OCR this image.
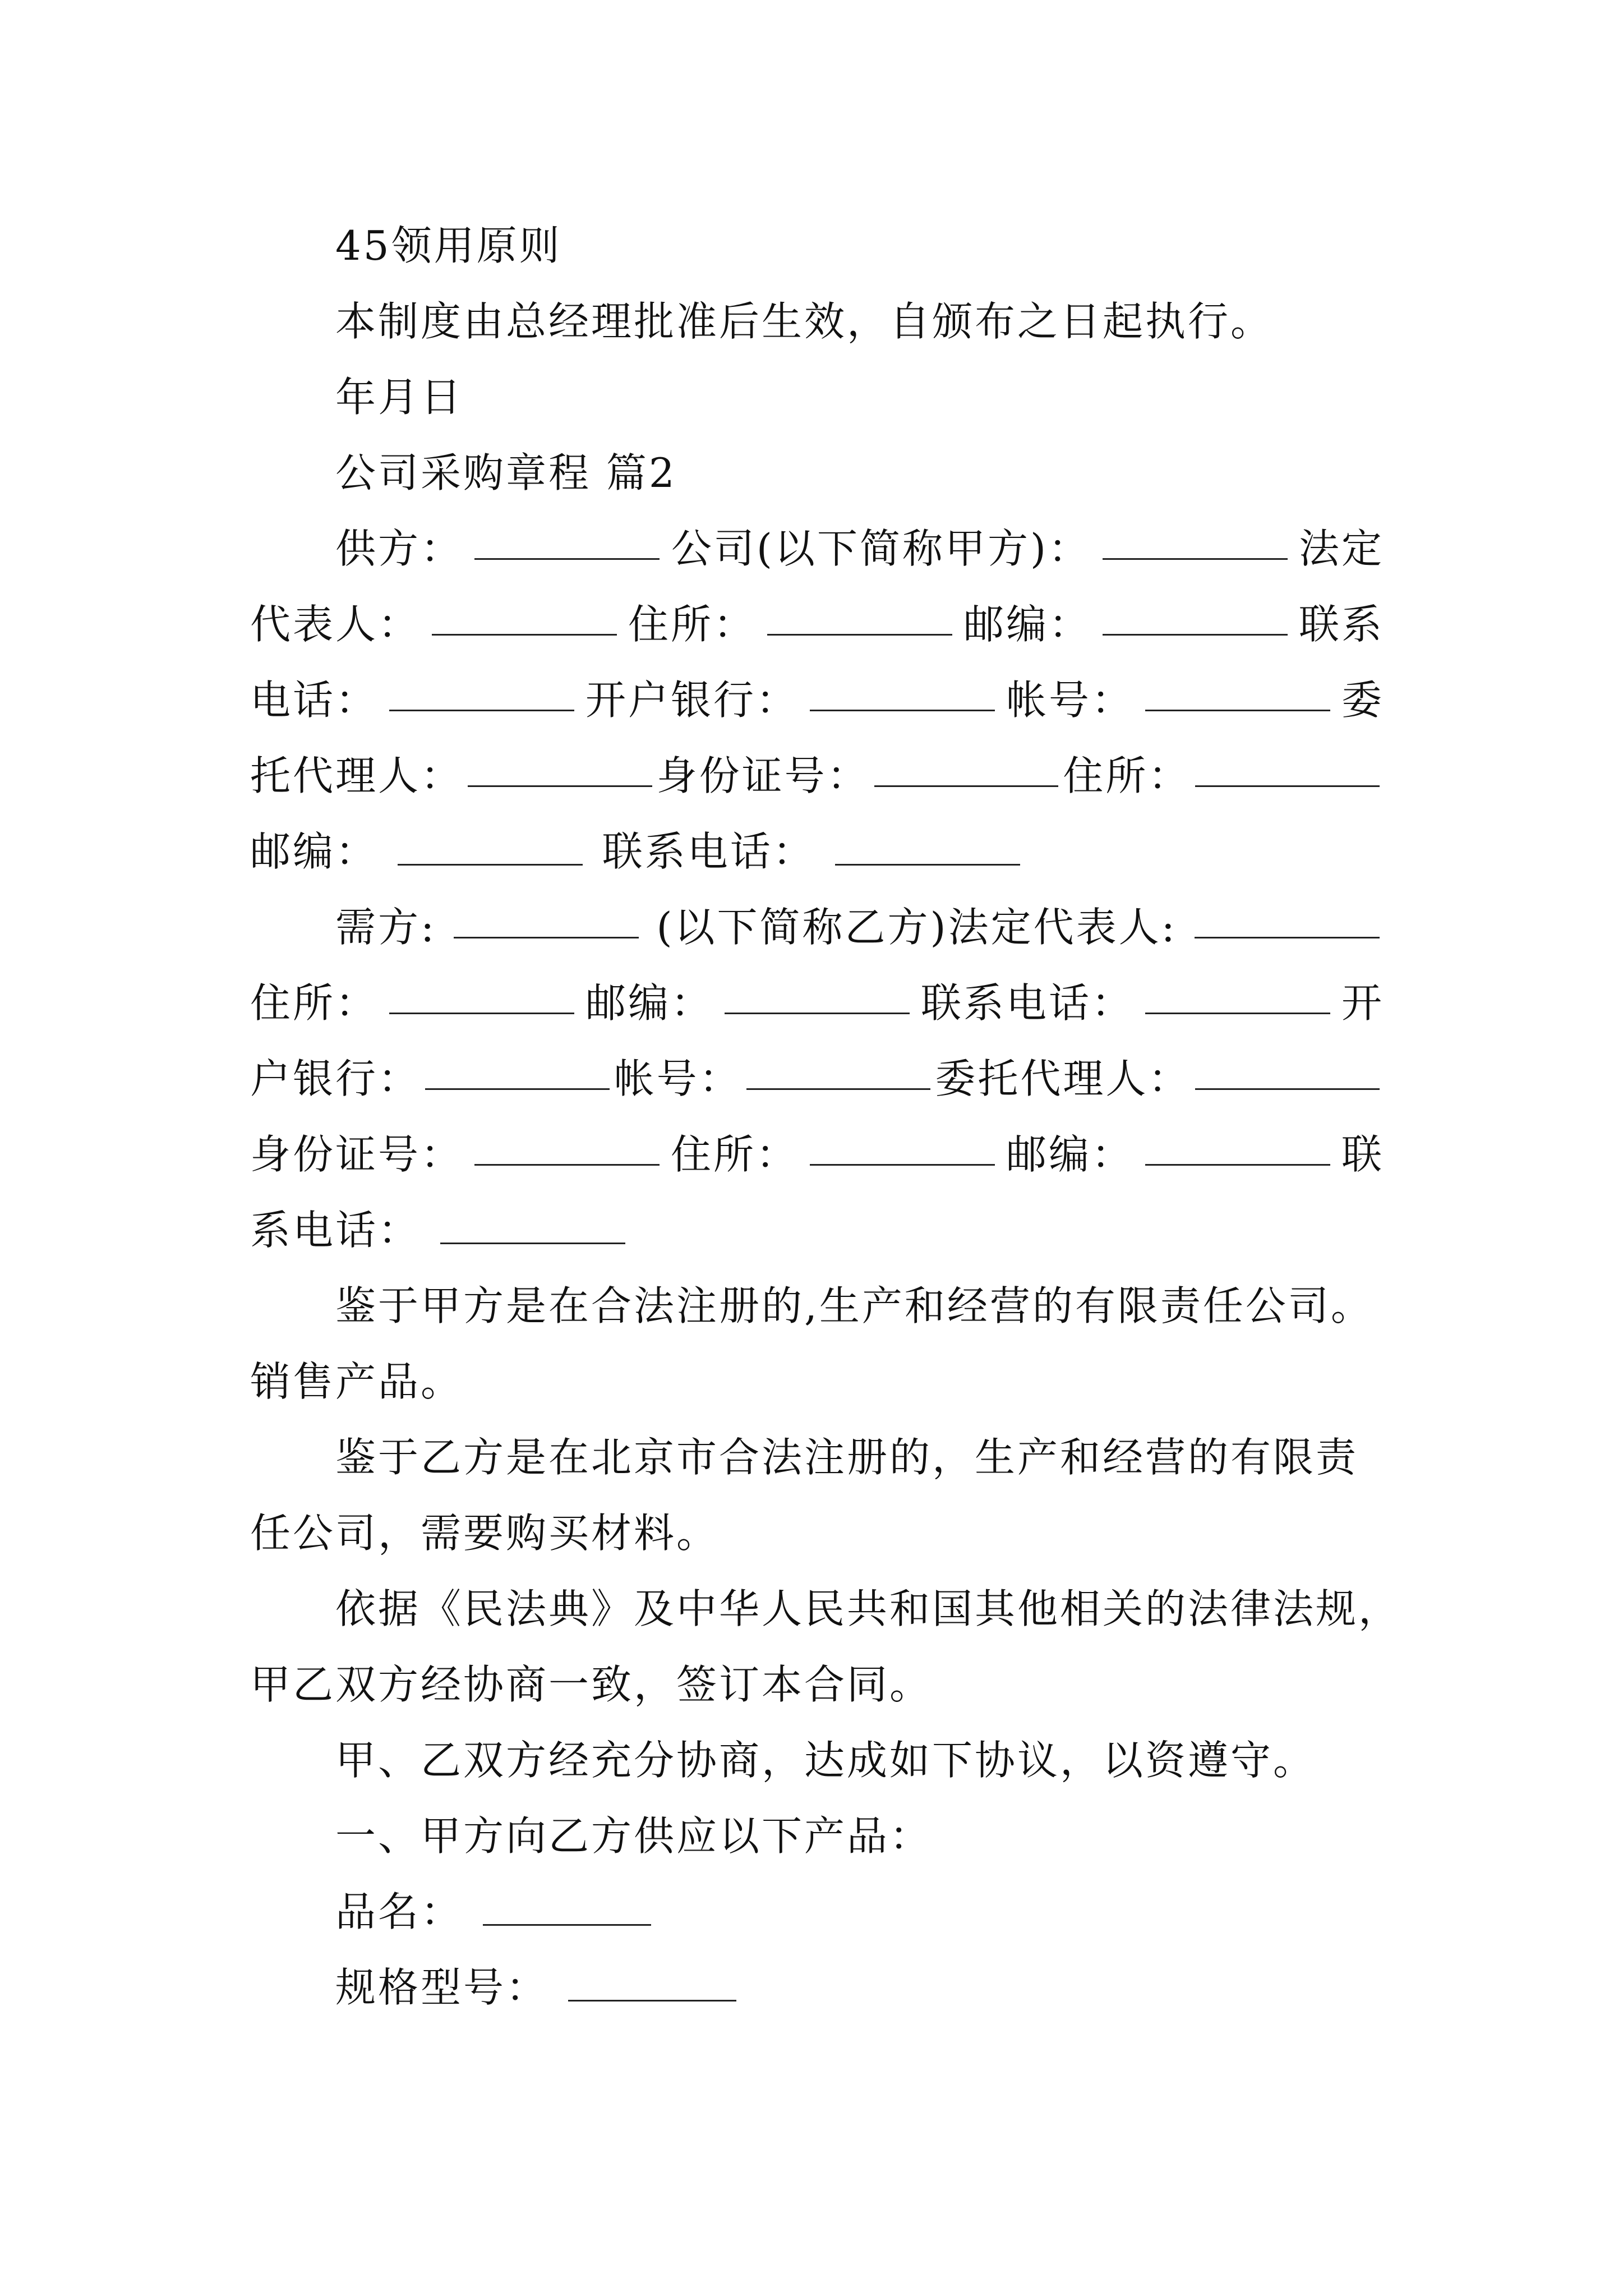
45领用原则
本制度由总经理批准后生效，自颁布之日起执行。
年月日
公司采购章程 篇2
供方：	公司(以下简称甲方)：	法定
代表人：	住所：	邮编：	联系
电话：	开户银行：	帐号：	委
托代理人：	身份证号：	住所：
邮编：	联系电话：
需方:	(以下简称乙方)法定代表人:
住所：	邮编：	联系电话：	开
户银行：	帐号：	委托代理人：
身份证号：	住所：	邮编：	联
系电话：
鉴于甲方是在合法注册的,生产和经营的有限责任公司。
销售产品。
鉴于乙方是在北京市合法注册的，生产和经营的有限责
任公司，需要购买材料。
依据《民法典》及中华人民共和国其他相关的法律法规，
甲乙双方经协商一致，签订本合同。
甲、乙双方经充分协商，达成如下协议，以资遵守。
一、甲方向乙方供应以下产品：
品名：
规格型号：
